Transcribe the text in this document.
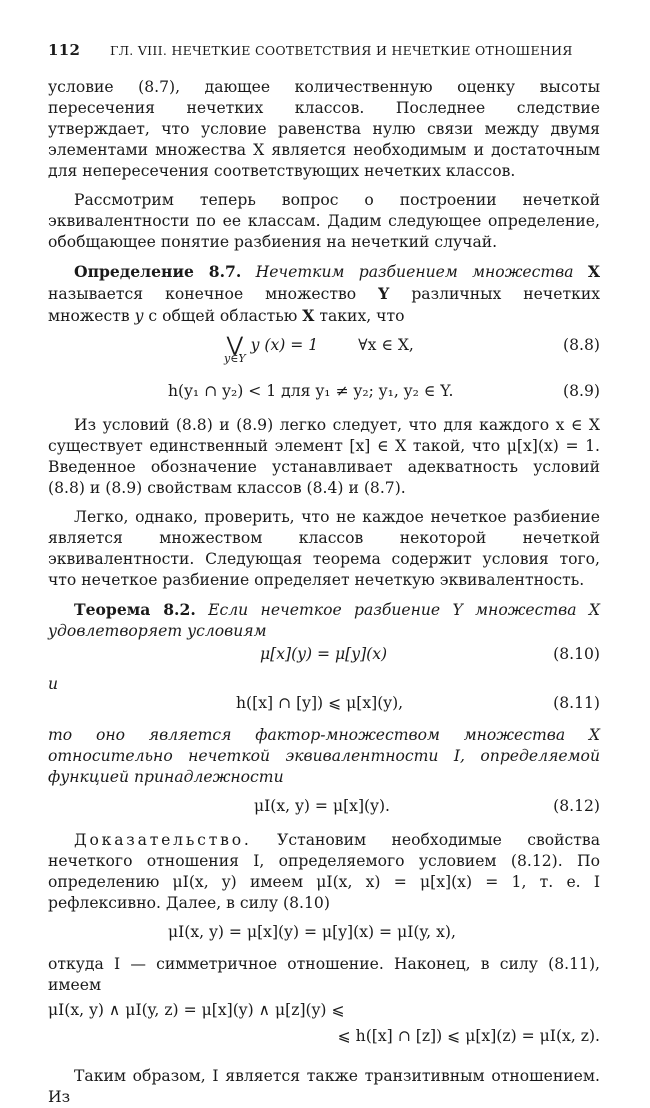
112	ГЛ. VIII. НЕЧЕТКИЕ СООТВЕТСТВИЯ И НЕЧЕТКИЕ ОТНОШЕНИЯ

условие (8.7), дающее количественную оценку высоты пересечения нечетких классов. Последнее следствие утверждает, что условие равенства нулю связи между двумя элементами множества X является необходимым и достаточным для непересечения соответствующих нечетких классов.

Рассмотрим теперь вопрос о построении нечеткой эквивалентности по ее классам. Дадим следующее определение, обобщающее понятие разбиения на нечеткий случай.

Определение 8.7. Нечетким разбиением множества X называется конечное множество Y различных нечетких множеств y с общей областью X таких, что

⋁
y∈Y
y (x) = 1	∀x ∈ X,	(8.8)
h(y₁ ∩ y₂) < 1 для y₁ ≠ y₂; y₁, y₂ ∈ Y.	(8.9)

Из условий (8.8) и (8.9) легко следует, что для каждого x ∈ X существует единственный элемент [x] ∈ X такой, что μ[x](x) = 1. Введенное обозначение устанавливает адекватность условий (8.8) и (8.9) свойствам классов (8.4) и (8.7).

Легко, однако, проверить, что не каждое нечеткое разбиение является множеством классов некоторой нечеткой эквивалентности. Следующая теорема содержит условия того, что нечеткое разбиение определяет нечеткую эквивалентность.

Теорема 8.2. Если нечеткое разбиение Y множества X удовлетворяет условиям

μ[x](y) = μ[y](x)	(8.10)

и

h([x] ∩ [y]) ⩽ μ[x](y),	(8.11)

то оно является фактор-множеством множества X относительно нечеткой эквивалентности I, определяемой функцией принадлежности

μI(x, y) = μ[x](y).	(8.12)

Доказательство. Установим необходимые свойства нечеткого отношения I, определяемого условием (8.12). По определению μI(x, y) имеем μI(x, x) = μ[x](x) = 1, т. е. I рефлексивно. Далее, в силу (8.10)

μI(x, y) = μ[x](y) = μ[y](x) = μI(y, x),

откуда I — симметричное отношение. Наконец, в силу (8.11), имеем

μI(x, y) ∧ μI(y, z) = μ[x](y) ∧ μ[z](y) ⩽
⩽ h([x] ∩ [z]) ⩽ μ[x](z) = μI(x, z).

Таким образом, I является также транзитивным отношением. Из
